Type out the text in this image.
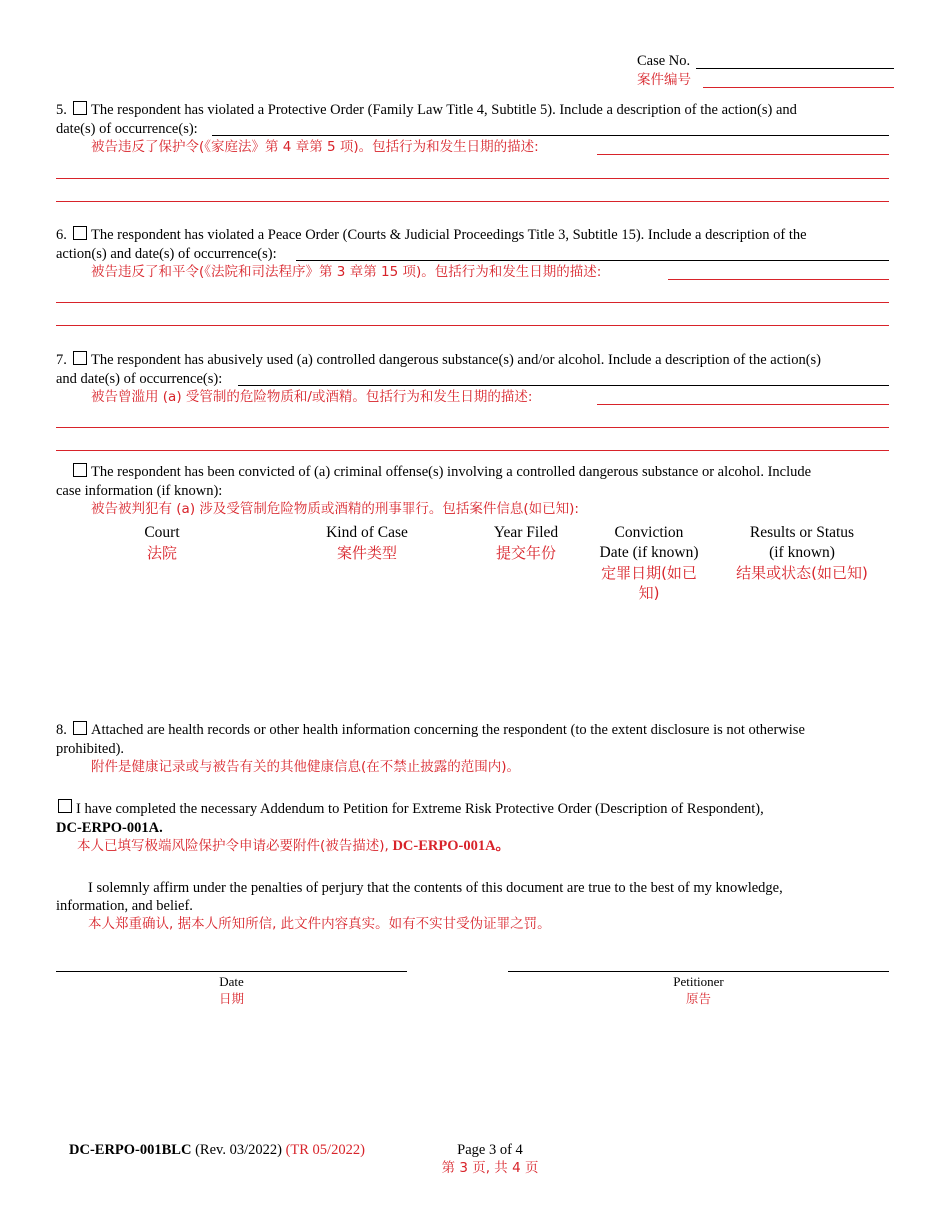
Case No.
案件编号
5. The respondent has violated a Protective Order (Family Law Title 4, Subtitle 5). Include a description of the action(s) and
date(s) of occurrence(s):
被告违反了保护令(《家庭法》第 4 章第 5 项)。包括行为和发生日期的描述:
6. The respondent has violated a Peace Order (Courts & Judicial Proceedings Title 3, Subtitle 15). Include a description of the
action(s) and date(s) of occurrence(s):
被告违反了和平令(《法院和司法程序》第 3 章第 15 项)。包括行为和发生日期的描述:
7. The respondent has abusively used (a) controlled dangerous substance(s) and/or alcohol. Include a description of the action(s)
and date(s) of occurrence(s):
被告曾滥用 (a) 受管制的危险物质和/或酒精。包括行为和发生日期的描述:
The respondent has been convicted of (a) criminal offense(s) involving a controlled dangerous substance or alcohol. Include
case information (if known):
被告被判犯有 (a) 涉及受管制危险物质或酒精的刑事罪行。包括案件信息(如已知):
Court
法院
Kind of Case
案件类型
Year Filed
提交年份
Conviction
Date (if known)
定罪日期(如已
知)
Results or Status
(if known)
结果或状态(如已知)
8. Attached are health records or other health information concerning the respondent (to the extent disclosure is not otherwise
prohibited).
附件是健康记录或与被告有关的其他健康信息(在不禁止披露的范围内)。
I have completed the necessary Addendum to Petition for Extreme Risk Protective Order (Description of Respondent),
DC-ERPO-001A.
本人已填写极端风险保护令申请必要附件(被告描述), DC-ERPO-001A。
I solemnly affirm under the penalties of perjury that the contents of this document are true to the best of my knowledge,
information, and belief.
本人郑重确认, 据本人所知所信, 此文件内容真实。如有不实甘受伪证罪之罚。
Date
日期
Petitioner
原告
DC-ERPO-001BLC (Rev. 03/2022) (TR 05/2022)	Page 3 of 4
第 3 页, 共 4 页
